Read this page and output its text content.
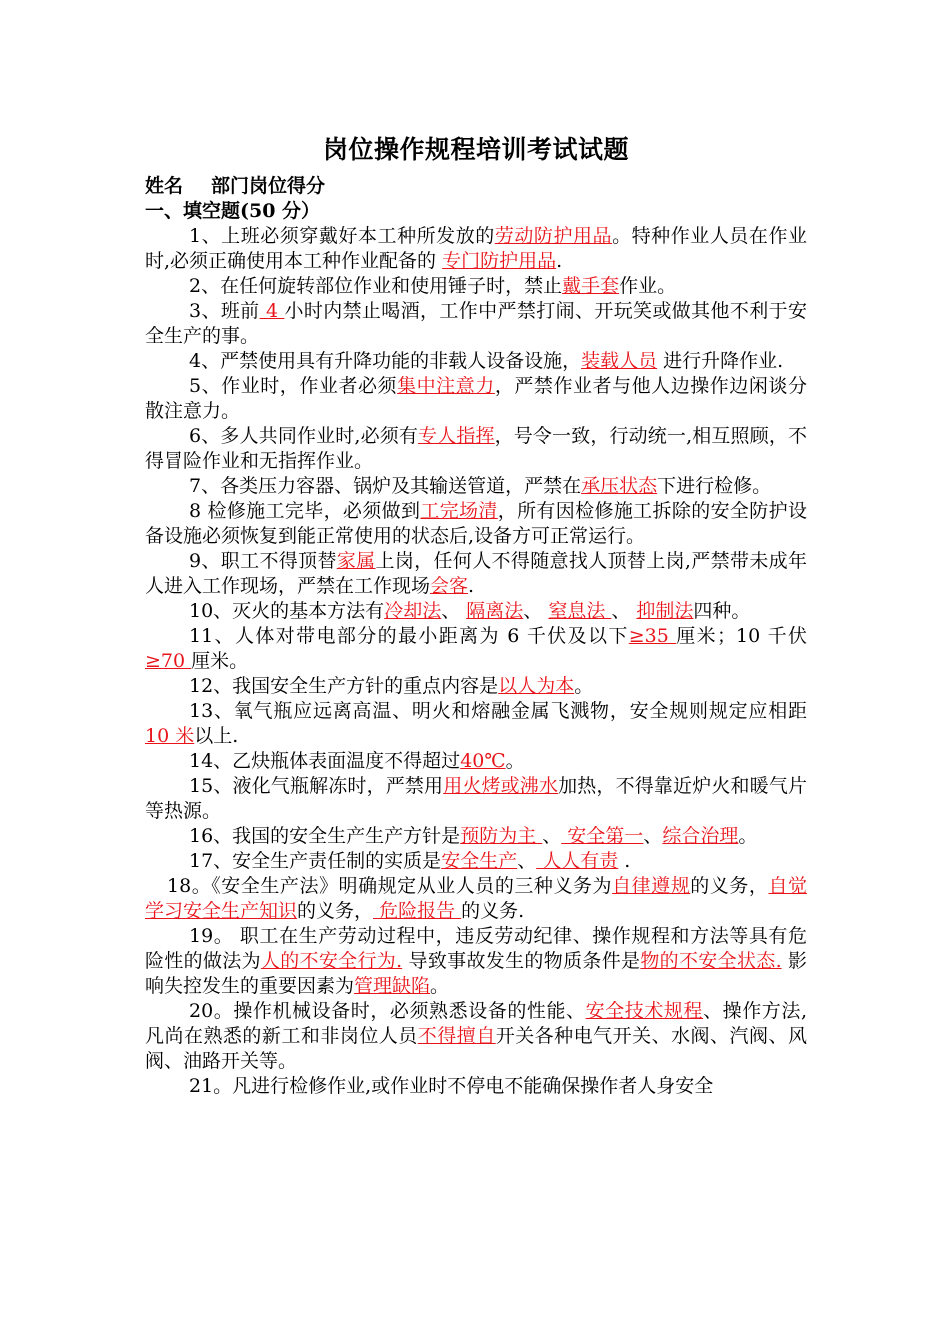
岗位操作规程培训考试试题
姓名 部门岗位得分
一、填空题(50 分）

1、上班必须穿戴好本工种所发放的劳动防护用品。特种作业人员在作业时,必须正确使用本工种作业配备的 专门防护用品.

2、在任何旋转部位作业和使用锤子时，禁止戴手套作业。

3、班前 4 小时内禁止喝酒，工作中严禁打闹、开玩笑或做其他不利于安全生产的事。

4、严禁使用具有升降功能的非载人设备设施，装载人员 进行升降作业.

5、作业时，作业者必须集中注意力，严禁作业者与他人边操作边闲谈分散注意力。

6、多人共同作业时,必须有专人指挥，号令一致，行动统一,相互照顾，不得冒险作业和无指挥作业。

7、各类压力容器、锅炉及其输送管道，严禁在承压状态下进行检修。

8 检修施工完毕，必须做到工完场清，所有因检修施工拆除的安全防护设备设施必须恢复到能正常使用的状态后,设备方可正常运行。

9、职工不得顶替家属上岗，任何人不得随意找人顶替上岗,严禁带未成年人进入工作现场，严禁在工作现场会客.

10、灭火的基本方法有冷却法、 隔离法、 窒息法 、 抑制法四种。

11、人体对带电部分的最小距离为 6 千伏及以下≥35 厘米；10 千伏≥70 厘米。

12、我国安全生产方针的重点内容是以人为本。

13、氧气瓶应远离高温、明火和熔融金属飞溅物，安全规则规定应相距10 米以上.

14、乙炔瓶体表面温度不得超过40℃。

15、液化气瓶解冻时，严禁用用火烤或沸水加热，不得靠近炉火和暖气片等热源。

16、我国的安全生产生产方针是预防为主 、 安全第一、综合治理。

17、安全生产责任制的实质是安全生产、 人人有责 .

18。《安全生产法》明确规定从业人员的三种义务为自律遵规的义务，自觉学习安全生产知识的义务， 危险报告 的义务.

19。 职工在生产劳动过程中，违反劳动纪律、操作规程和方法等具有危险性的做法为人的不安全行为. 导致事故发生的物质条件是物的不安全状态. 影响失控发生的重要因素为管理缺陷。

20。操作机械设备时，必须熟悉设备的性能、安全技术规程、操作方法,凡尚在熟悉的新工和非岗位人员不得擅自开关各种电气开关、水阀、汽阀、风阀、油路开关等。

21。凡进行检修作业,或作业时不停电不能确保操作者人身安全
